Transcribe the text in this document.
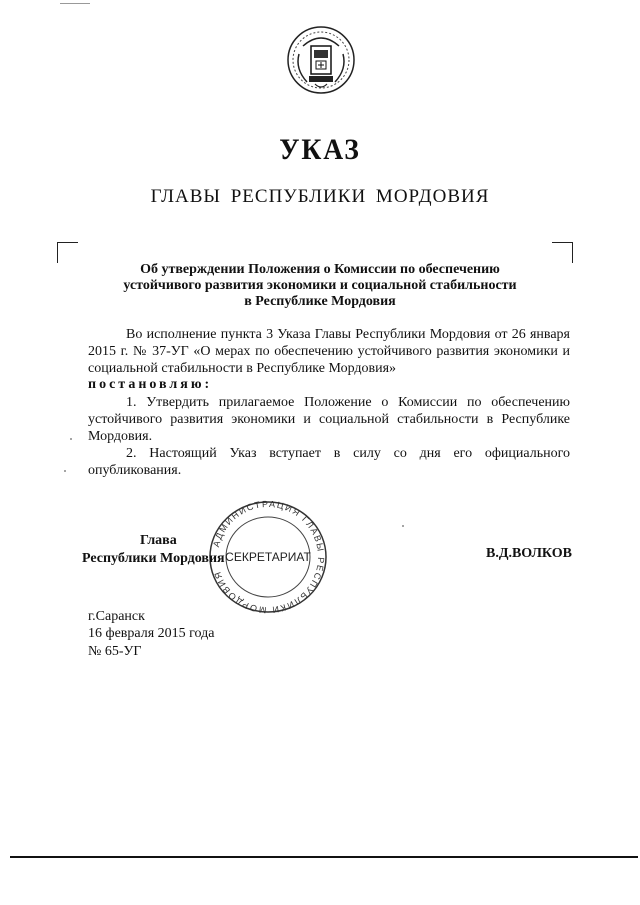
УКАЗ
ГЛАВЫ РЕСПУБЛИКИ МОРДОВИЯ
Об утверждении Положения о Комиссии по обеспечению
устойчивого развития экономики и социальной стабильности
в Республике Мордовия
Во исполнение пункта 3 Указа Главы Республики Мордовия от 26 января 2015 г. № 37-УГ «О мерах по обеспечению устойчивого развития экономики и социальной стабильности в Республике Мордовия»
постановляю:
1. Утвердить прилагаемое Положение о Комиссии по обеспечению устойчивого развития экономики и социальной стабильности в Республике Мордовия.
2. Настоящий Указ вступает в силу со дня его официального опубликования.
АДМИНИСТРАЦИЯ ГЛАВЫ РЕСПУБЛИКИ МОРДОВИЯ
СЕКРЕТАРИАТ
Глава
Республики Мордовия	В.Д.ВОЛКОВ
г.Саранск
16 февраля 2015 года
№ 65-УГ
